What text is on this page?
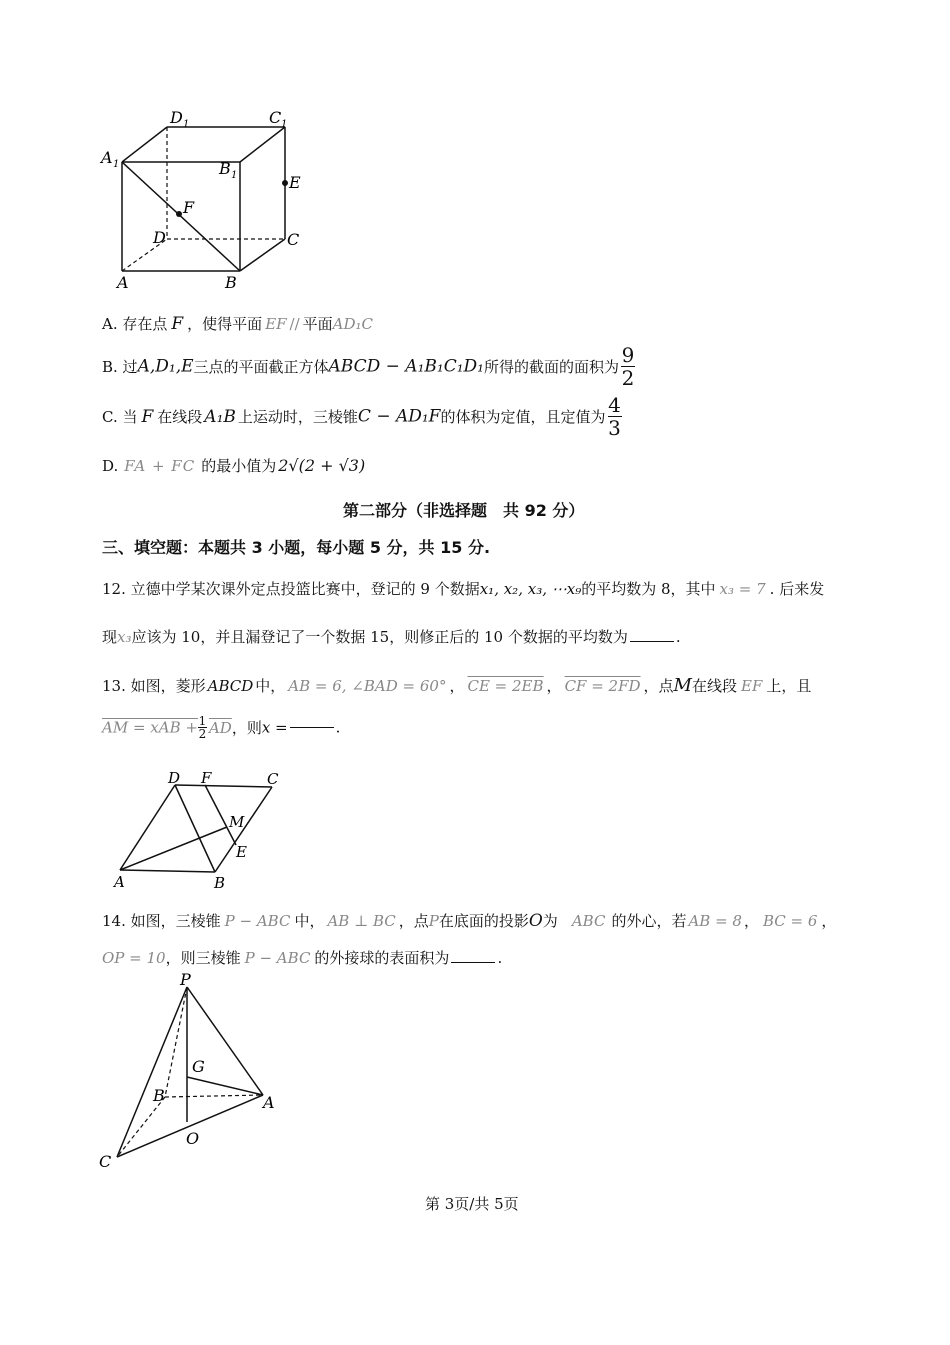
D 1	C 1
A 1	B 1	E
F
D	C
A	B
A. 存在点 F ，使得平面 EF // 平面AD₁C
B. 过A,D₁,E三点的平面截正方体ABCD − A₁B₁C₁D₁所得的截面的面积为 $\frac{9}{2}$
C. 当 F 在线段 A₁B 上运动时，三棱锥C − AD₁F的体积为定值，且定值为 $\frac{4}{3}$
D. FA + FC 的最小值为 2√(2 + √3)
第二部分（非选择题　共 92 分）
三、填空题：本题共 3 小题，每小题 5 分，共 15 分.
12. 立德中学某次课外定点投篮比赛中，登记的 9 个数据x₁, x₂, x₃, ⋯x₉的平均数为 8，其中 x₃ = 7 . 后来发
现x₃应该为 10，并且漏登记了一个数据 15，则修正后的 10 个数据的平均数为	.
13. 如图，菱形 ABCD 中， AB = 6, ∠BAD = 60° ， CE = 2EB ， CF = 2FD ，点M在线段 EF 上，且
AM = xAB + $\frac{1}{2} \overline{AD}$，则x =	.
D F	C
M
E
A	B
14. 如图，三棱锥 P − ABC 中， AB ⊥ BC ，点P在底面的投影O为 ABC 的外心，若 AB = 8 ， BC = 6 ，
OP = 10，则三棱锥 P − ABC 的外接球的表面积为	.
P
G
B	A
O
C
第 3页/共 5页
